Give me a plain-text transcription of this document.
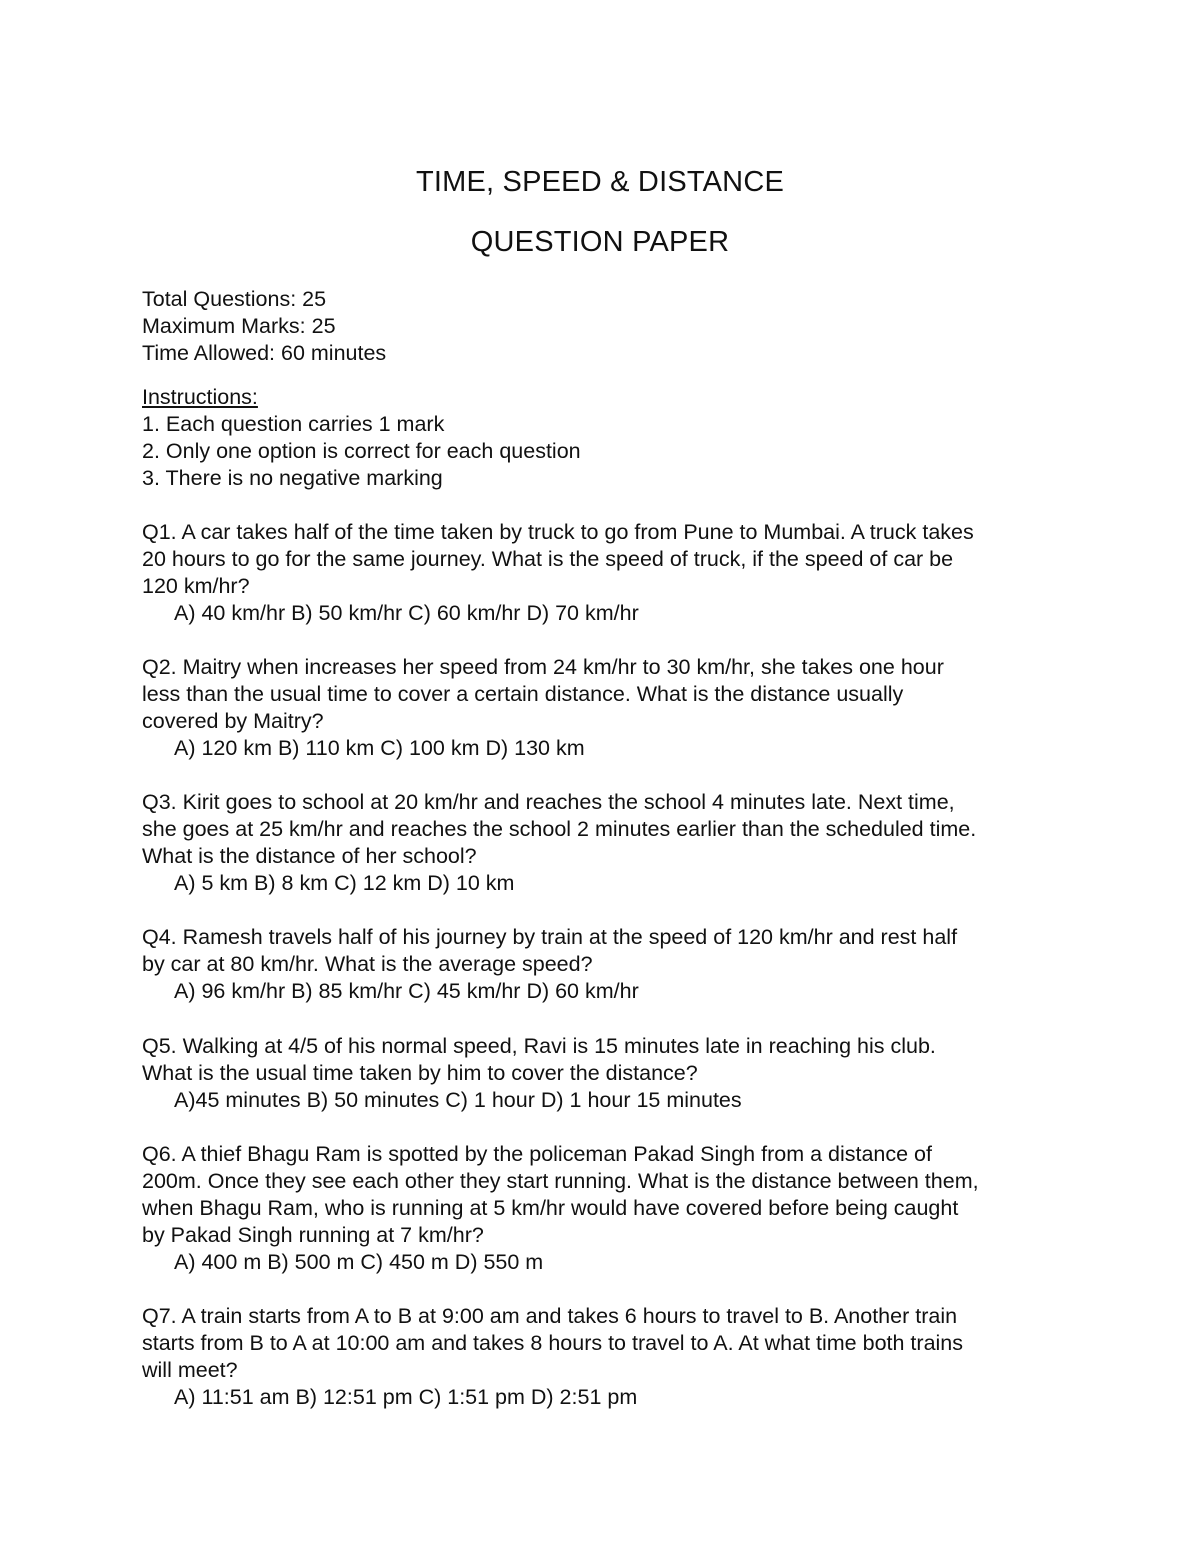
TIME, SPEED & DISTANCE
QUESTION PAPER
Total Questions: 25
Maximum Marks: 25
Time Allowed: 60 minutes
Instructions:
1. Each question carries 1 mark
2. Only one option is correct for each question
3. There is no negative marking
Q1. A car takes half of the time taken by truck to go from Pune to Mumbai. A truck takes
20 hours to go for the same journey. What is the speed of truck, if the speed of car be
120 km/hr?
A) 40 km/hr B) 50 km/hr C) 60 km/hr D) 70 km/hr
Q2. Maitry when increases her speed from 24 km/hr to 30 km/hr, she takes one hour
less than the usual time to cover a certain distance. What is the distance usually
covered by Maitry?
A) 120 km B) 110 km C) 100 km D) 130 km
Q3. Kirit goes to school at 20 km/hr and reaches the school 4 minutes late. Next time,
she goes at 25 km/hr and reaches the school 2 minutes earlier than the scheduled time.
What is the distance of her school?
A) 5 km B) 8 km C) 12 km D) 10 km
Q4. Ramesh travels half of his journey by train at the speed of 120 km/hr and rest half
by car at 80 km/hr. What is the average speed?
A) 96 km/hr B) 85 km/hr C) 45 km/hr D) 60 km/hr
Q5. Walking at 4/5 of his normal speed, Ravi is 15 minutes late in reaching his club.
What is the usual time taken by him to cover the distance?
A)45 minutes B) 50 minutes C) 1 hour D) 1 hour 15 minutes
Q6. A thief Bhagu Ram is spotted by the policeman Pakad Singh from a distance of
200m. Once they see each other they start running. What is the distance between them,
when Bhagu Ram, who is running at 5 km/hr would have covered before being caught
by Pakad Singh running at 7 km/hr?
A) 400 m B) 500 m C) 450 m D) 550 m
Q7. A train starts from A to B at 9:00 am and takes 6 hours to travel to B. Another train
starts from B to A at 10:00 am and takes 8 hours to travel to A. At what time both trains
will meet?
A) 11:51 am B) 12:51 pm C) 1:51 pm D) 2:51 pm
